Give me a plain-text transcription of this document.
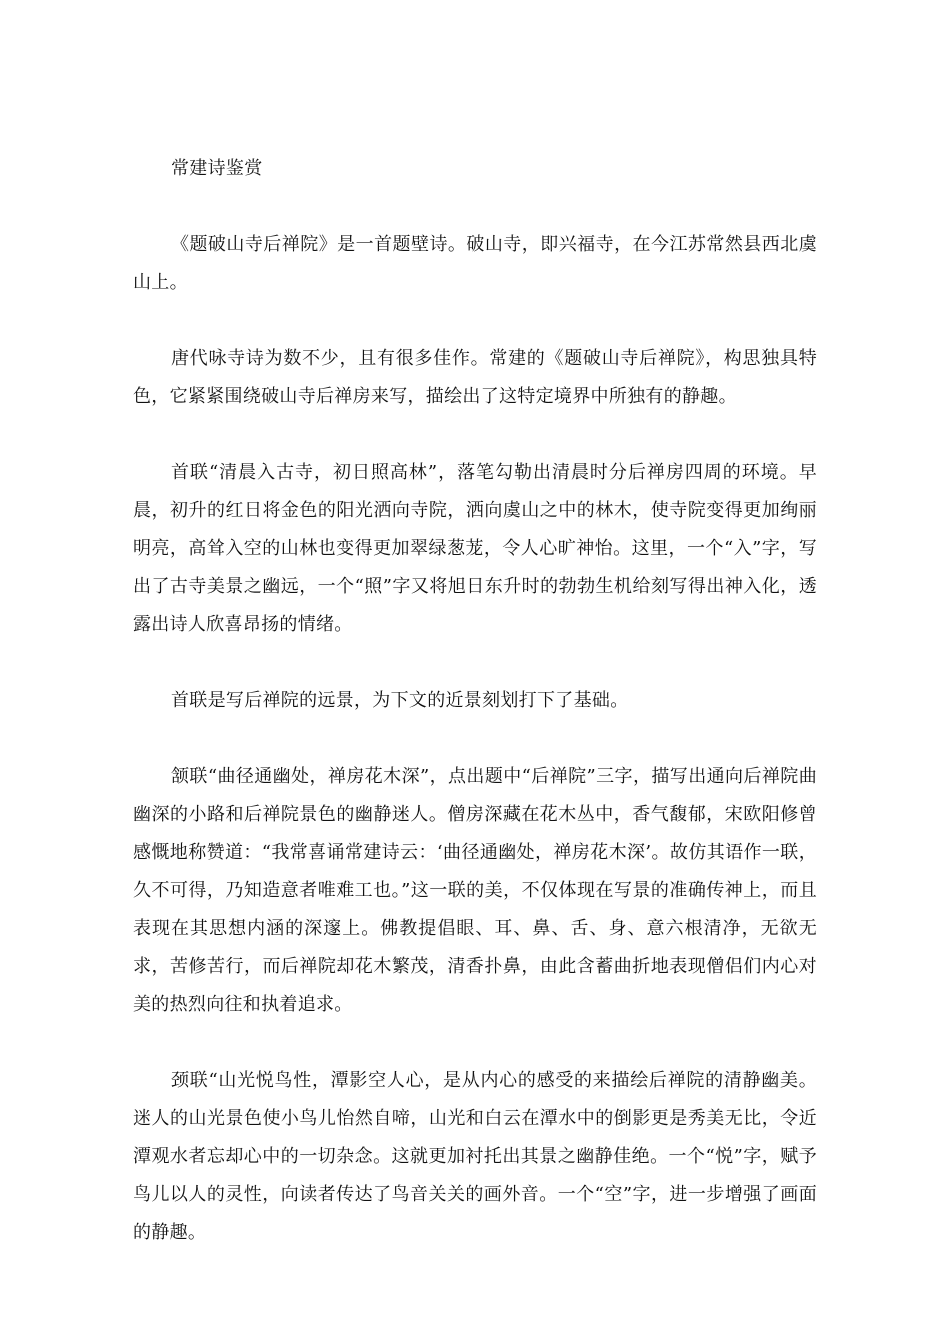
常建诗鉴赏

《题破山寺后禅院》是一首题壁诗。破山寺，即兴福寺，在今江苏常然县西北虞山上。

唐代咏寺诗为数不少，且有很多佳作。常建的《题破山寺后禅院》，构思独具特色，它紧紧围绕破山寺后禅房来写，描绘出了这特定境界中所独有的静趣。

首联“清晨入古寺，初日照高林”，落笔勾勒出清晨时分后禅房四周的环境。早晨，初升的红日将金色的阳光洒向寺院，洒向虞山之中的林木，使寺院变得更加绚丽明亮，高耸入空的山林也变得更加翠绿葱茏，令人心旷神怡。这里，一个“入”字，写出了古寺美景之幽远，一个“照”字又将旭日东升时的勃勃生机给刻写得出神入化，透露出诗人欣喜昂扬的情绪。

首联是写后禅院的远景，为下文的近景刻划打下了基础。

颔联“曲径通幽处，禅房花木深”，点出题中“后禅院”三字，描写出通向后禅院曲幽深的小路和后禅院景色的幽静迷人。僧房深藏在花木丛中，香气馥郁，宋欧阳修曾感慨地称赞道：“我常喜诵常建诗云：‘曲径通幽处，禅房花木深’。故仿其语作一联，久不可得，乃知造意者唯难工也。”这一联的美，不仅体现在写景的准确传神上，而且表现在其思想内涵的深邃上。佛教提倡眼、耳、鼻、舌、身、意六根清净，无欲无求，苦修苦行，而后禅院却花木繁茂，清香扑鼻，由此含蓄曲折地表现僧侣们内心对美的热烈向往和执着追求。

颈联“山光悦鸟性，潭影空人心，是从内心的感受的来描绘后禅院的清静幽美。迷人的山光景色使小鸟儿怡然自啼，山光和白云在潭水中的倒影更是秀美无比，令近潭观水者忘却心中的一切杂念。这就更加衬托出其景之幽静佳绝。一个“悦”字，赋予鸟儿以人的灵性，向读者传达了鸟音关关的画外音。一个“空”字，进一步增强了画面的静趣。
